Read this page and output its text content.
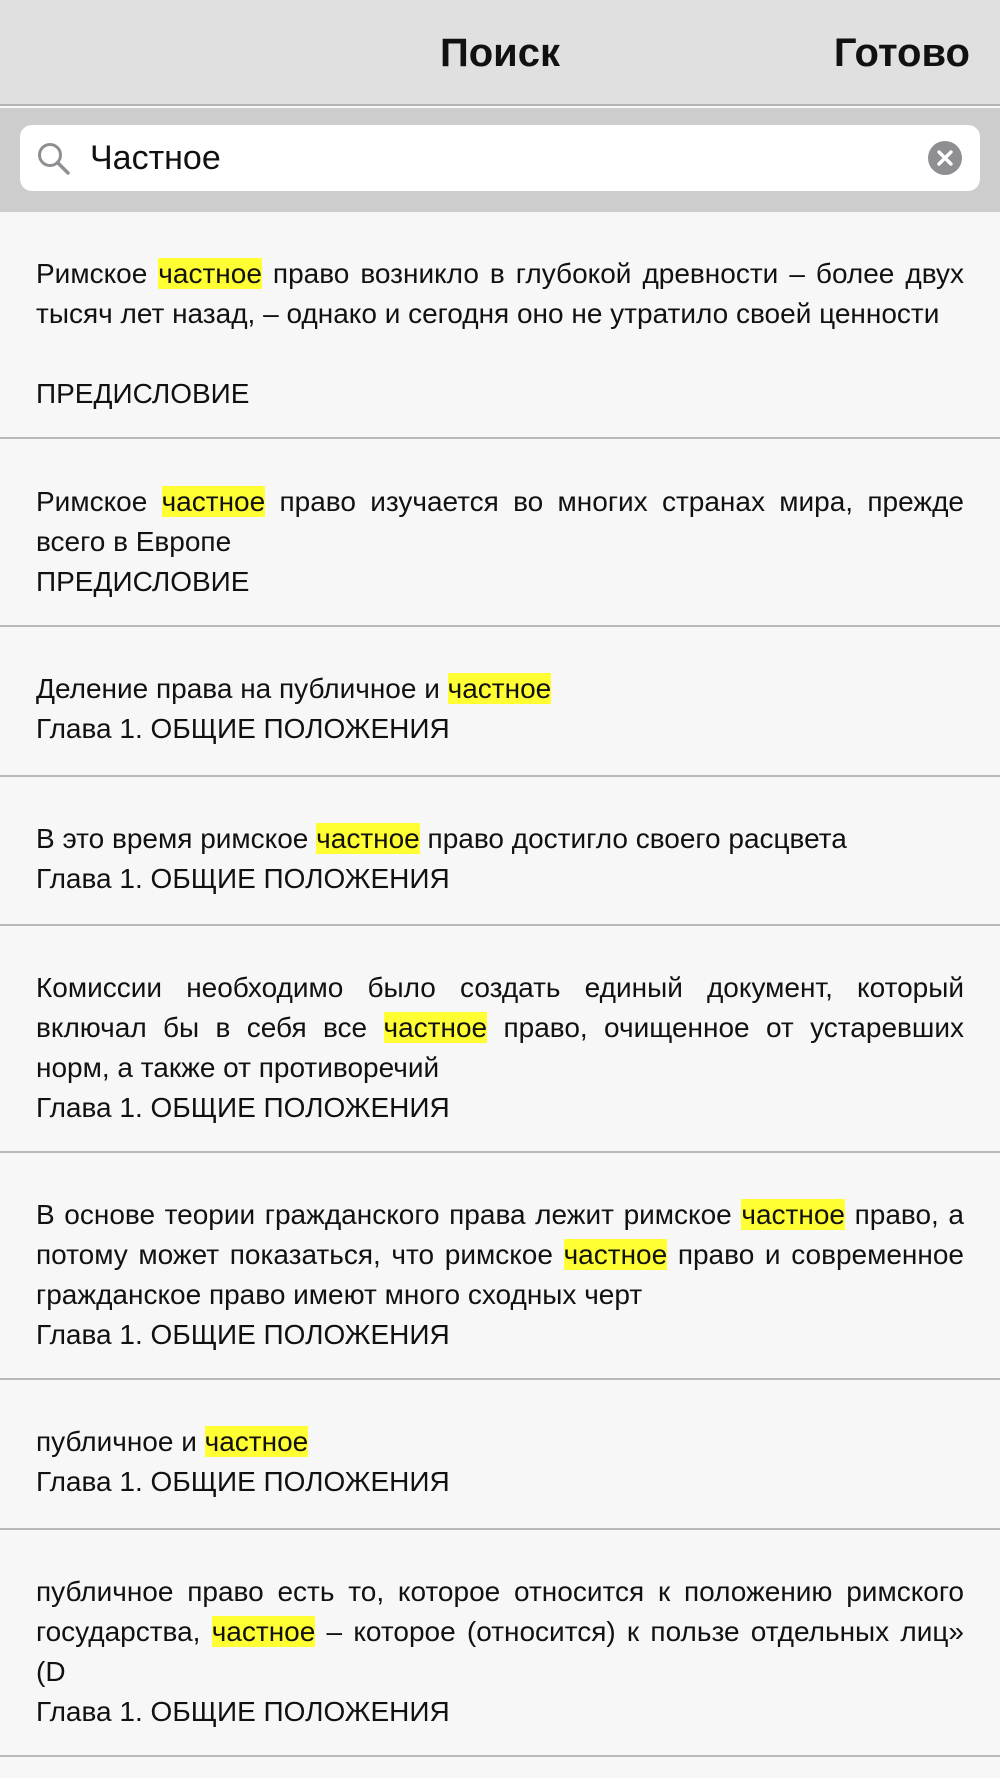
Поиск	Готово
Частное
Римское частное право возникло в глубокой древности – более двух тысяч лет назад, – однако и сегодня оно не утратило своей ценности
ПРЕДИСЛОВИЕ
Римское частное право изучается во многих странах мира, прежде всего в Европе
ПРЕДИСЛОВИЕ
Деление права на публичное и частное
Глава 1. ОБЩИЕ ПОЛОЖЕНИЯ
В это время римское частное право достигло своего расцвета
Глава 1. ОБЩИЕ ПОЛОЖЕНИЯ
Комиссии необходимо было создать единый документ, который включал бы в себя все частное право, очищенное от устаревших норм, а также от противоречий
Глава 1. ОБЩИЕ ПОЛОЖЕНИЯ
В основе теории гражданского права лежит римское частное право, а потому может показаться, что римское частное право и современное гражданское право имеют много сходных черт
Глава 1. ОБЩИЕ ПОЛОЖЕНИЯ
публичное и частное
Глава 1. ОБЩИЕ ПОЛОЖЕНИЯ
публичное право есть то, которое относится к положению римского государства, частное – которое (относится) к пользе отдельных лиц» (D
Глава 1. ОБЩИЕ ПОЛОЖЕНИЯ
